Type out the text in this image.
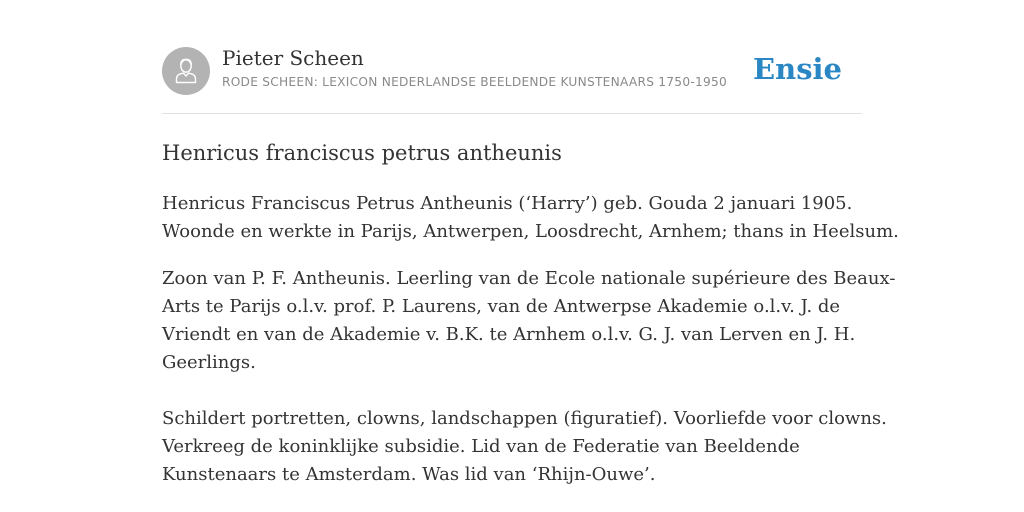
Pieter Scheen
RODE SCHEEN: LEXICON NEDERLANDSE BEELDENDE KUNSTENAARS 1750-1950 Ensie
Henricus franciscus petrus antheunis
Henricus Franciscus Petrus Antheunis (‘Harry’) geb. Gouda 2 januari 1905.
Woonde en werkte in Parijs, Antwerpen, Loosdrecht, Arnhem; thans in Heelsum.
Zoon van P. F. Antheunis. Leerling van de Ecole nationale supérieure des Beaux-
Arts te Parijs o.l.v. prof. P. Laurens, van de Antwerpse Akademie o.l.v. J. de
Vriendt en van de Akademie v. B.K. te Arnhem o.l.v. G. J. van Lerven en J. H.
Geerlings.
Schildert portretten, clowns, landschappen (figuratief). Voorliefde voor clowns.
Verkreeg de koninklijke subsidie. Lid van de Federatie van Beeldende
Kunstenaars te Amsterdam. Was lid van ‘Rhijn-Ouwe’.
